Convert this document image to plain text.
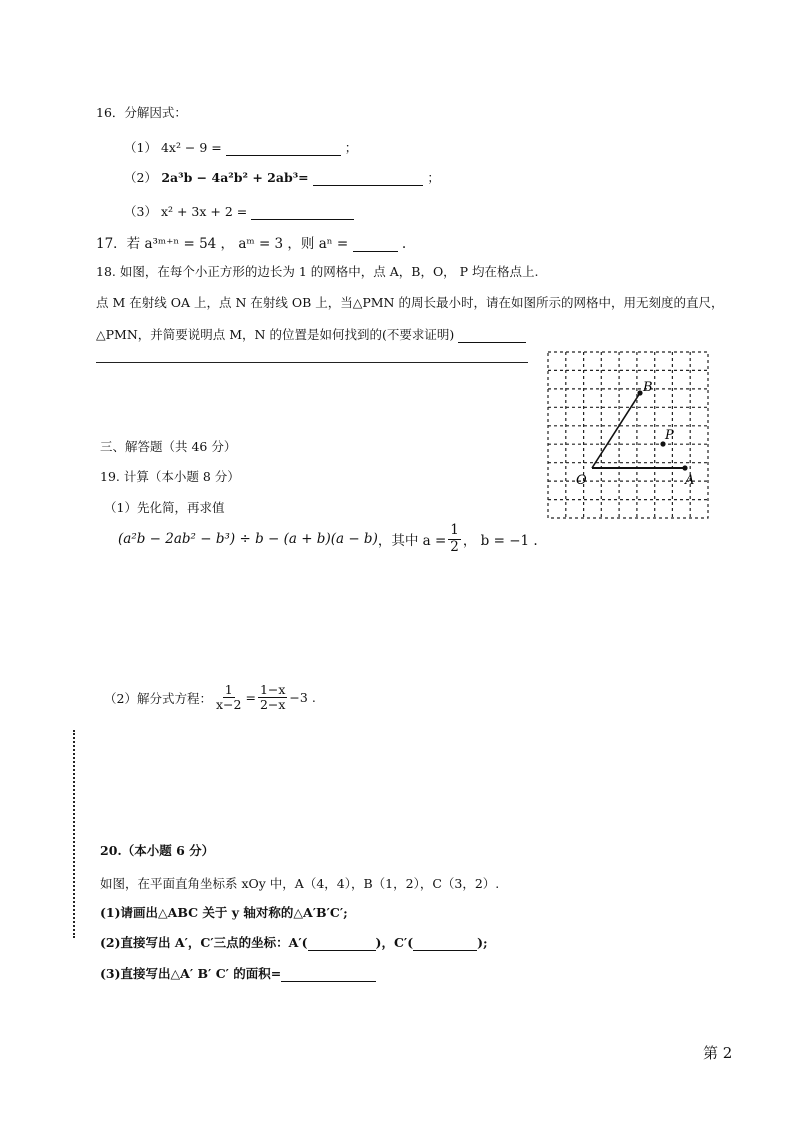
16．分解因式：
（1） 4x² − 9 =	；
（2） 2a³b − 4a²b² + 2ab³=	；
（3） x² + 3x + 2 =
17．若 a³ᵐ⁺ⁿ = 54 ， aᵐ = 3 ，则 aⁿ =	.
18. 如图，在每个小正方形的边长为 1 的网格中，点 A，B，O， P 均在格点上.
点 M 在射线 OA 上，点 N 在射线 OB 上，当△PMN 的周长最小时，请在如图所示的网格中，用无刻度的直尺，
△PMN，并简要说明点 M，N 的位置是如何找到的(不要求证明)
B
P
O	A
三、解答题（共 46 分）
19. 计算（本小题 8 分）
（1）先化简，再求值
(a²b − 2ab² − b³) ÷ b − (a + b)(a − b) ，其中 $a = \frac{1}{2}$ ， b = −1 .
（2）解分式方程： $\frac{1}{x-2} = \frac{1-x}{2-x} -3$ .
20.（本小题 6 分）
如图，在平面直角坐标系 xOy 中，A（4，4），B（1，2），C（3，2）.
(1)请画出△ABC 关于 y 轴对称的△A′B′C′;
(2)直接写出 A′，C′三点的坐标：A′(	)，C′(	);
(3)直接写出△A′ B′ C′ 的面积=
第 2
